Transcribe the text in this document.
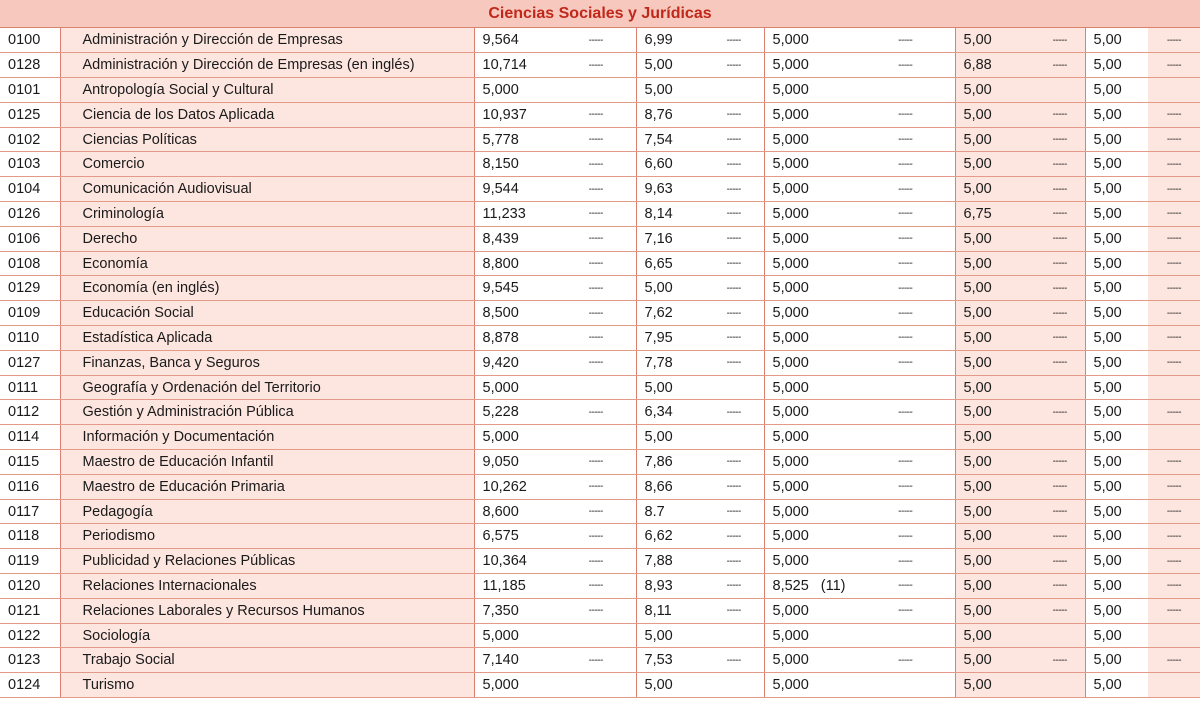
Ciencias Sociales y Jurídicas
0100	Administración y Dirección de Empresas	9,564	-----	6,99	-----	5,000	-----	5,00	-----	5,00	-----
0128	Administración y Dirección de Empresas (en inglés)	10,714	-----	5,00	-----	5,000	-----	6,88	-----	5,00	-----
0101	Antropología Social y Cultural	5,000		5,00		5,000		5,00		5,00	
0125	Ciencia de los Datos Aplicada	10,937	-----	8,76	-----	5,000	-----	5,00	-----	5,00	-----
0102	Ciencias Políticas	5,778	-----	7,54	-----	5,000	-----	5,00	-----	5,00	-----
0103	Comercio	8,150	-----	6,60	-----	5,000	-----	5,00	-----	5,00	-----
0104	Comunicación Audiovisual	9,544	-----	9,63	-----	5,000	-----	5,00	-----	5,00	-----
0126	Criminología	11,233	-----	8,14	-----	5,000	-----	6,75	-----	5,00	-----
0106	Derecho	8,439	-----	7,16	-----	5,000	-----	5,00	-----	5,00	-----
0108	Economía	8,800	-----	6,65	-----	5,000	-----	5,00	-----	5,00	-----
0129	Economía (en inglés)	9,545	-----	5,00	-----	5,000	-----	5,00	-----	5,00	-----
0109	Educación Social	8,500	-----	7,62	-----	5,000	-----	5,00	-----	5,00	-----
0110	Estadística Aplicada	8,878	-----	7,95	-----	5,000	-----	5,00	-----	5,00	-----
0127	Finanzas, Banca y Seguros	9,420	-----	7,78	-----	5,000	-----	5,00	-----	5,00	-----
0111	Geografía y Ordenación del Territorio	5,000		5,00		5,000		5,00		5,00	
0112	Gestión y Administración Pública	5,228	-----	6,34	-----	5,000	-----	5,00	-----	5,00	-----
0114	Información y Documentación	5,000		5,00		5,000		5,00		5,00	
0115	Maestro de Educación Infantil	9,050	-----	7,86	-----	5,000	-----	5,00	-----	5,00	-----
0116	Maestro de Educación Primaria	10,262	-----	8,66	-----	5,000	-----	5,00	-----	5,00	-----
0117	Pedagogía	8,600	-----	8.7	-----	5,000	-----	5,00	-----	5,00	-----
0118	Periodismo	6,575	-----	6,62	-----	5,000	-----	5,00	-----	5,00	-----
0119	Publicidad y Relaciones Públicas	10,364	-----	7,88	-----	5,000	-----	5,00	-----	5,00	-----
0120	Relaciones Internacionales	11,185	-----	8,93	-----	8,525 (11)	-----	5,00	-----	5,00	-----
0121	Relaciones Laborales y Recursos Humanos	7,350	-----	8,11	-----	5,000	-----	5,00	-----	5,00	-----
0122	Sociología	5,000		5,00		5,000		5,00		5,00	
0123	Trabajo Social	7,140	-----	7,53	-----	5,000	-----	5,00	-----	5,00	-----
0124	Turismo	5,000		5,00		5,000		5,00		5,00	
